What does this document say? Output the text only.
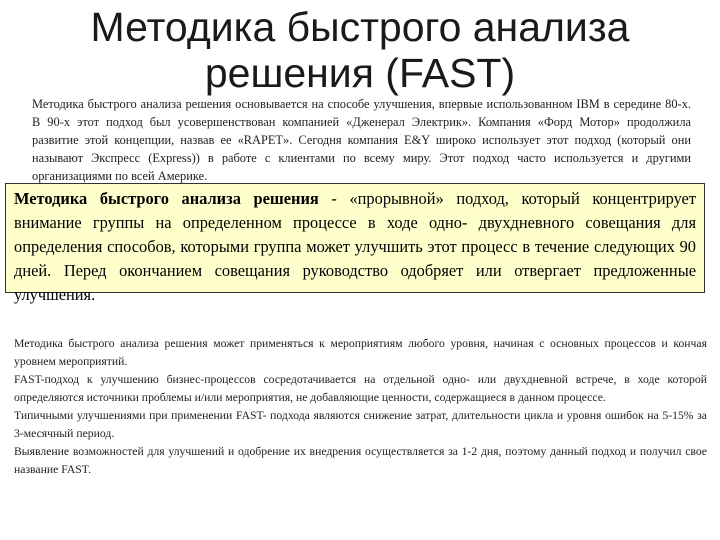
Методика быстрого анализа
решения (FAST)
Методика быстрого анализа решения основывается на способе улучшения, впервые использованном IBM в середине 80-х. В 90-х этот подход был усовершенствован компанией «Дженерал Электрик». Компания «Форд Мотор» продолжила развитие этой концепции, назвав ее «RAPET». Сегодня компания E&Y широко использует этот подход (который они называют Экспресс (Express)) в работе с клиентами по всему миру. Этот подход часто используется и другими организациями по всей Америке.
Методика быстрого анализа решения - «прорывной» подход, который концентрирует внимание группы на определенном процессе в ходе одно- двухдневного совещания для определения способов, которыми группа может улучшить этот процесс в течение следующих 90 дней. Перед окончанием совещания руководство одобряет или отвергает предложенные улучшения.

Методика быстрого анализа решения может применяться к мероприятиям любого уровня, начиная с основных процессов и кончая уровнем мероприятий.

FAST-подход к улучшению бизнес-процессов сосредотачивается на отдельной одно- или двухдневной встрече, в ходе которой определяются источники проблемы и/или мероприятия, не добавляющие ценности, содержащиеся в данном процессе.

Типичными улучшениями при применении FAST- подхода являются снижение затрат, длительности цикла и уровня ошибок на 5-15% за 3-месячный период.

Выявление возможностей для улучшений и одобрение их внедрения осуществляется за 1-2 дня, поэтому данный подход и получил свое название FAST.
